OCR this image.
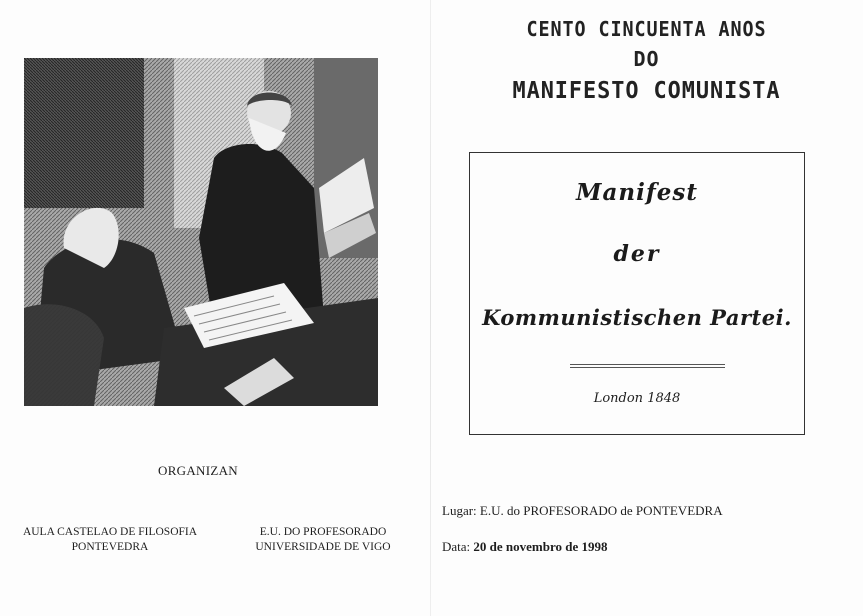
ORGANIZAN
AULA CASTELAO DE FILOSOFIA
PONTEVEDRA
E.U. DO PROFESORADO
UNIVERSIDADE DE VIGO
CENTO CINCUENTA ANOS
DO
MANIFESTO COMUNISTA
Manifest
der
Kommunistischen Partei.
London 1848
Lugar: E.U. do PROFESORADO de PONTEVEDRA
Data: 20 de novembro de 1998
